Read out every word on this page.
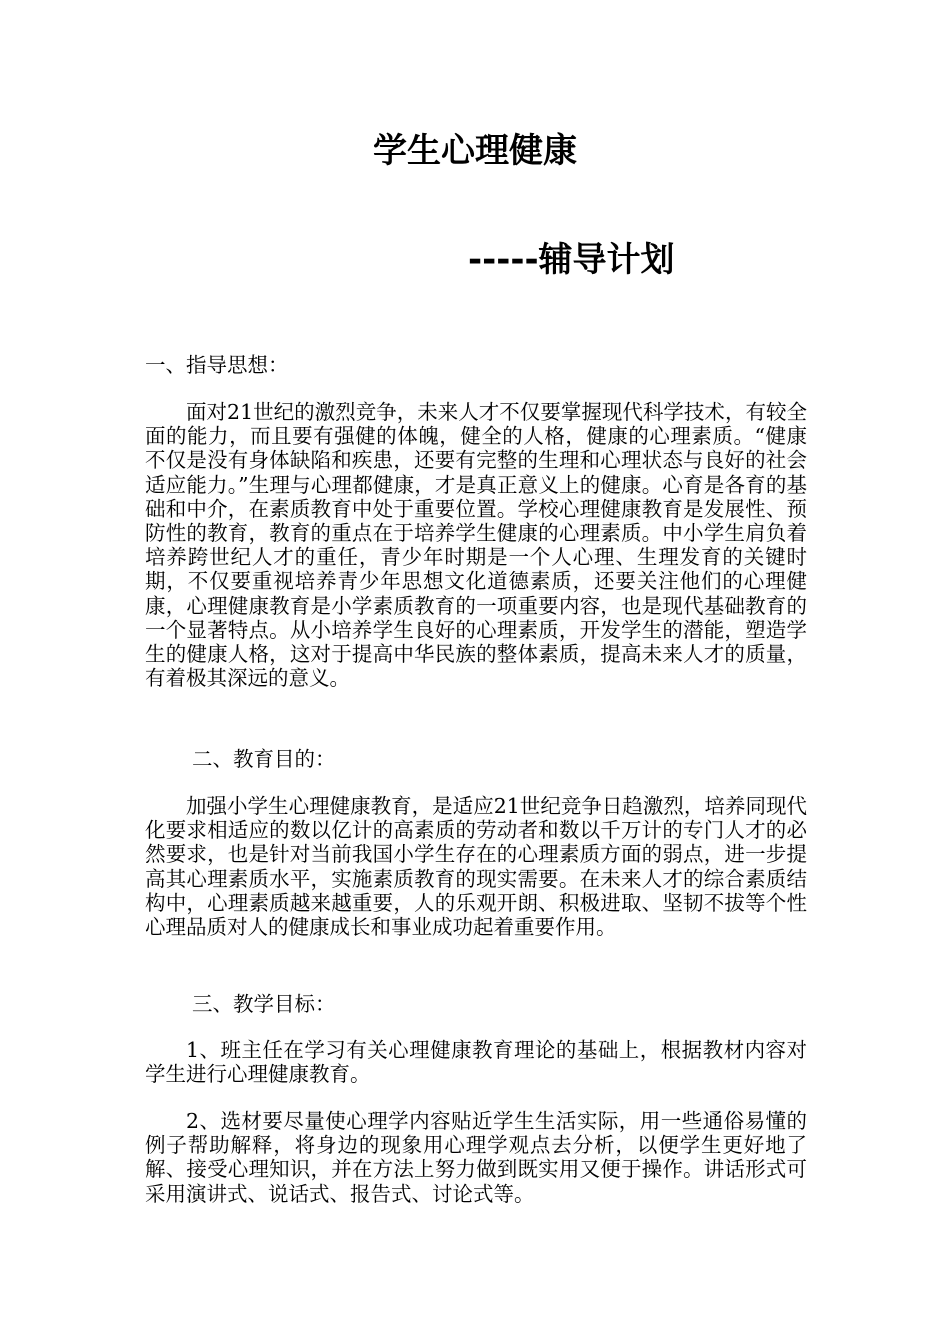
学生心理健康
-----辅导计划

一、指导思想：

面对21世纪的激烈竞争，未来人才不仅要掌握现代科学技术，有较全面的能力，而且要有强健的体魄，健全的人格，健康的心理素质。“健康不仅是没有身体缺陷和疾患，还要有完整的生理和心理状态与良好的社会适应能力。”生理与心理都健康，才是真正意义上的健康。心育是各育的基础和中介，在素质教育中处于重要位置。学校心理健康教育是发展性、预防性的教育，教育的重点在于培养学生健康的心理素质。中小学生肩负着培养跨世纪人才的重任，青少年时期是一个人心理、生理发育的关键时期，不仅要重视培养青少年思想文化道德素质，还要关注他们的心理健康，心理健康教育是小学素质教育的一项重要内容，也是现代基础教育的一个显著特点。从小培养学生良好的心理素质，开发学生的潜能，塑造学生的健康人格，这对于提高中华民族的整体素质，提高未来人才的质量，有着极其深远的意义。

二、教育目的：

加强小学生心理健康教育，是适应21世纪竞争日趋激烈，培养同现代化要求相适应的数以亿计的高素质的劳动者和数以千万计的专门人才的必然要求，也是针对当前我国小学生存在的心理素质方面的弱点，进一步提高其心理素质水平，实施素质教育的现实需要。在未来人才的综合素质结构中，心理素质越来越重要，人的乐观开朗、积极进取、坚韧不拔等个性心理品质对人的健康成长和事业成功起着重要作用。

三、教学目标：

1、班主任在学习有关心理健康教育理论的基础上，根据教材内容对学生进行心理健康教育。

2、选材要尽量使心理学内容贴近学生生活实际，用一些通俗易懂的例子帮助解释，将身边的现象用心理学观点去分析，以便学生更好地了解、接受心理知识，并在方法上努力做到既实用又便于操作。讲话形式可采用演讲式、说话式、报告式、讨论式等。
